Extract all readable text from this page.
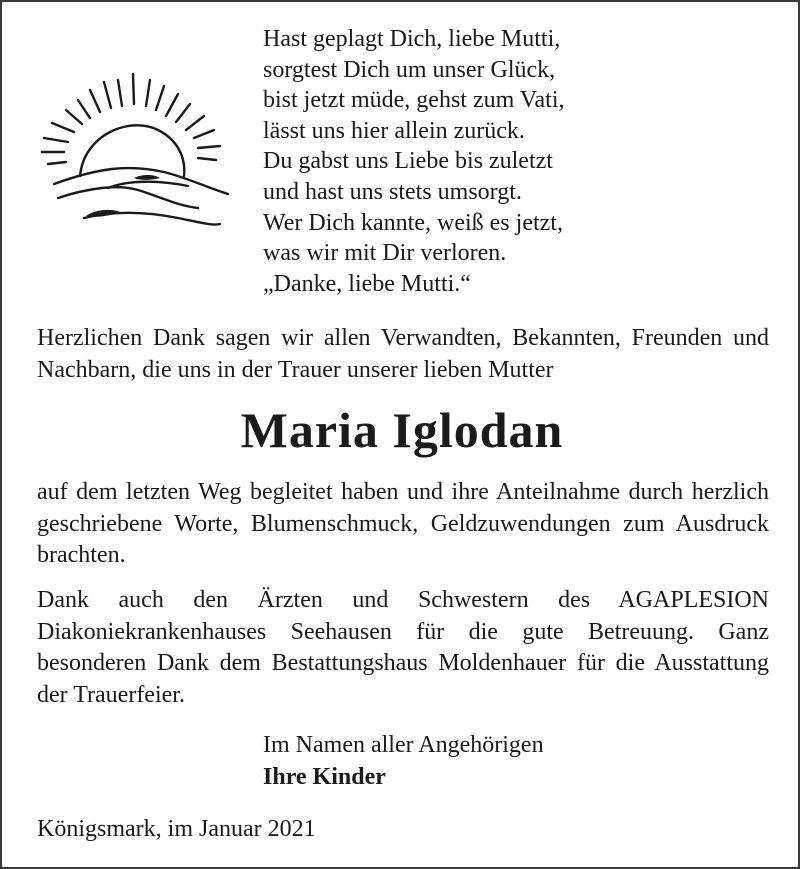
Hast geplagt Dich, liebe Mutti,
sorgtest Dich um unser Glück,
bist jetzt müde, gehst zum Vati,
lässt uns hier allein zurück.
Du gabst uns Liebe bis zuletzt
und hast uns stets umsorgt.
Wer Dich kannte, weiß es jetzt,
was wir mit Dir verloren.
„Danke, liebe Mutti.“

Herzlichen Dank sagen wir allen Verwandten, Bekannten, Freunden und Nachbarn, die uns in der Trauer unserer lieben Mutter

Maria Iglodan

auf dem letzten Weg begleitet haben und ihre Anteilnahme durch herzlich geschriebene Worte, Blumenschmuck, Geldzuwendungen zum Ausdruck brachten.

Dank auch den Ärzten und Schwestern des AGAPLESION Diakoniekrankenhauses Seehausen für die gute Betreuung. Ganz besonderen Dank dem Bestattungshaus Moldenhauer für die Ausstattung der Trauerfeier.

Im Namen aller Angehörigen
Ihre Kinder
Königsmark, im Januar 2021
